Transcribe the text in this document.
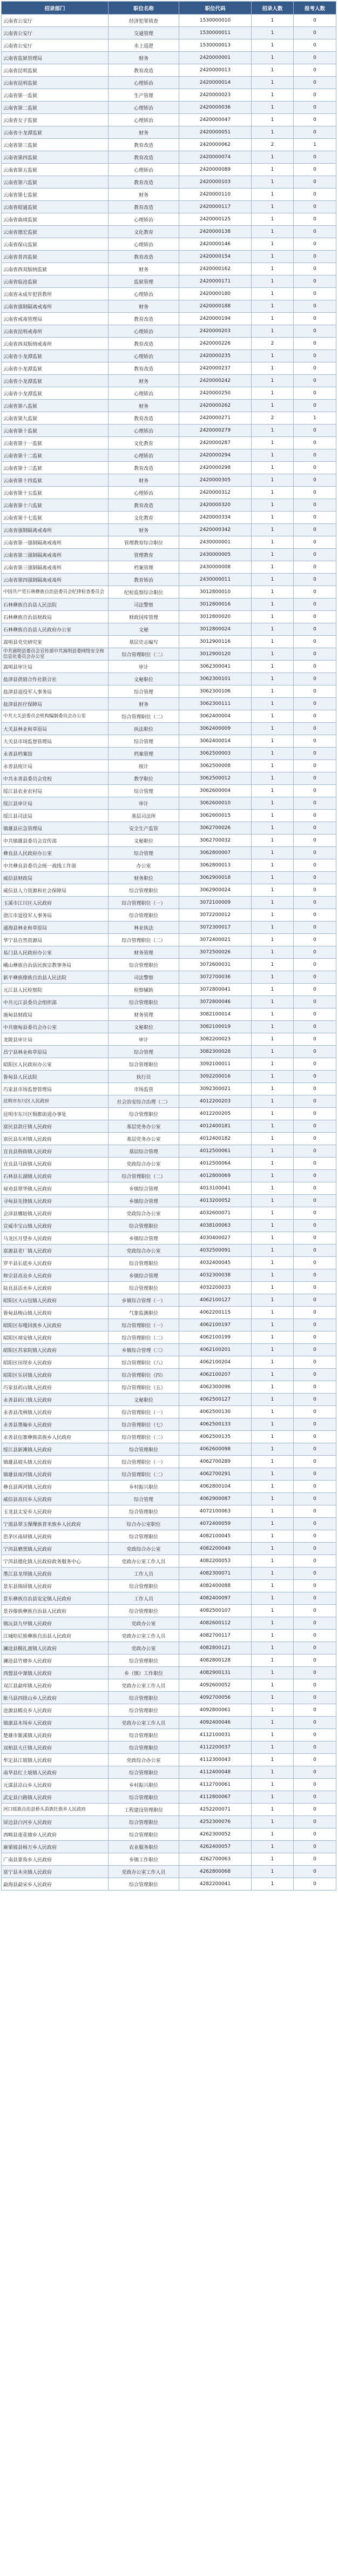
招录部门	职位名称	职位代码	招录人数	报考人数
云南省公安厅	经济犯罪侦查	1530000010	1	0
云南省公安厅	交通管理	1530000011	1	0
云南省公安厅	水上巡逻	1530000013	1	0
云南省监狱管理局	财务	2420000001	1	0
云南省昆明监狱	教育改造	2420000013	1	0
云南省昆明监狱	心理矫治	2420000014	1	0
云南省第一监狱	生产管理	2420000023	1	0
云南省第二监狱	心理矫治	2420000036	1	0
云南省女子监狱	心理矫治	2420000047	1	0
云南省小龙潭监狱	财务	2420000051	1	0
云南省第三监狱	教育改造	2420000062	2	1
云南省第四监狱	教育改造	2420000074	1	0
云南省第五监狱	心理矫治	2420000089	1	0
云南省第六监狱	教育改造	2420000103	1	0
云南省第七监狱	财务	2420000110	1	0
云南省昭通监狱	教育改造	2420000117	1	0
云南省曲靖监狱	心理矫治	2420000125	1	0
云南省德宏监狱	文化教育	2420000138	1	0
云南省保山监狱	心理矫治	2420000146	1	0
云南省普洱监狱	教育改造	2420000154	1	0
云南省西双版纳监狱	财务	2420000162	1	0
云南省临沧监狱	监狱管理	2420000171	1	0
云南省未成年犯管教所	心理矫治	2420000180	1	0
云南省强制隔离戒毒所	财务	2420000188	1	0
云南省戒毒管理局	教育改造	2420000194	1	0
云南省昆明戒毒所	心理矫治	2420000203	1	0
云南省西双版纳戒毒所	教育改造	2420000226	2	0
云南省小龙潭监狱	心理矫治	2420000235	1	0
云南省小龙潭监狱	教育改造	2420000237	1	0
云南省小龙潭监狱	财务	2420000242	1	0
云南省小龙潭监狱	心理矫治	2420000250	1	0
云南省第八监狱	财务	2420000262	1	0
云南省第九监狱	教育改造	2420000271	2	1
云南省第十监狱	心理矫治	2420000279	1	0
云南省第十一监狱	文化教育	2420000287	1	0
云南省第十二监狱	心理矫治	2420000294	1	0
云南省第十三监狱	教育改造	2420000298	1	0
云南省第十四监狱	财务	2420000305	1	0
云南省第十五监狱	心理矫治	2420000312	1	0
云南省第十六监狱	教育改造	2420000320	1	0
云南省第十七监狱	文化教育	2420000334	1	0
云南省强制隔离戒毒所	财务	2420000342	1	0
云南省第一强制隔离戒毒所	管理教育综合职位	2430000001	1	0
云南省第二强制隔离戒毒所	管理教育	2430000005	1	0
云南省第三强制隔离戒毒所	档案管理	2430000008	1	0
云南省第四强制隔离戒毒所	教育矫治	2430000011	1	0
中国共产党石林彝族自治县委员会纪律检查委员会	纪检监察综合职位	3012800010	1	0
石林彝族自治县人民法院	司法警察	3012800016	1	0
石林彝族自治县财政局	财政国库管理	3012800020	1	0
石林彝族自治县人民政府办公室	文秘	3012800024	1	0
嵩明县党史研究室	基层史志编写	3012900116	1	0
中共嵩明县委员会宣传部中共嵩明县委网络安全和信息化委员会办公室	综合管理职位（二）	3012900120	1	0
嵩明县审计局	审计	3062300041	1	0
盐津县供销合作社联合社	文秘职位	3062300101	1	0
盐津县退役军人事务局	综合管理	3062300106	1	0
盐津县医疗保障局	财务	3062300111	1	0
中共大关县委员会机构编制委员会办公室	综合管理职位（二）	3062400004	1	0
大关县林业和草原局	执法职位	3062400009	1	0
大关县市场监督管理局	综合管理	3062400014	1	0
永善县档案馆	档案管理	3062500003	1	0
永善县统计局	统计	3062500008	1	0
中共永善县委员会党校	教学职位	3062500012	1	0
绥江县农业农村局	综合管理	3062600004	1	0
绥江县审计局	审计	3062600010	1	0
绥江县司法局	基层司法所	3062600015	1	0
镇雄县应急管理局	安全生产监管	3062700026	1	0
中共镇雄县委员会宣传部	文秘职位	3062700032	1	0
彝良县人民政府办公室	综合管理	3062800007	1	0
中共彝良县委员会统一战线工作部	办公室	3062800013	1	0
威信县财政局	财务职位	3062900018	1	0
威信县人力资源和社会保障局	综合管理职位	3062900024	1	0
玉溪市江川区人民政府	综合管理职位（一）	3072100009	1	0
澄江市退役军人事务局	综合管理职位	3072200012	1	0
通海县林业和草原局	林业执法	3072300017	1	0
华宁县自然资源局	综合管理职位（二）	3072400021	1	0
易门县人民政府办公室	财务管理	3072500026	1	0
峨山彝族自治县民族宗教事务局	综合管理职位	3072600031	1	0
新平彝族傣族自治县人民法院	司法警察	3072700036	1	0
元江县人民检察院	检察辅助	3072800041	1	0
中共元江县委员会组织部	综合管理职位	3072800046	1	0
施甸县财政局	财务管理	3082100014	1	0
中共施甸县委员会办公室	文秘职位	3082100019	1	0
龙陵县审计局	审计	3082200023	1	0
昌宁县林业和草原局	综合管理	3082300028	1	0
昭阳区人民政府办公室	综合管理职位	3092100011	1	0
鲁甸县人民法院	执行员	3092200016	1	0
巧家县市场监督管理局	市场监管	3092300021	1	0
昆明市东川区人民政府	社会治安综合治理（二）	4012200203	1	0
昆明市东川区铜都街道办事处	综合管理职位	4012200205	1	0
富民县款庄镇人民政府	基层党务办公室	4012400181	1	0
富民县东村镇人民政府	基层党务办公室	4012400182	1	0
宜良县狗街镇人民政府	基层综合管理	4012500061	1	0
宜良县马街镇人民政府	党政综合办公室	4012500064	1	0
石林县长湖镇人民政府	综合管理职位（二）	4012800069	1	0
禄劝县翠华镇人民政府	乡镇综合管理	4013100041	1	0
寻甸县先锋镇人民政府	乡镇综合管理	4013200052	1	0
会泽县娜姑镇人民政府	党政综合办公室	4032600071	1	0
宣威市宝山镇人民政府	综合管理职位	4038100063	1	0
马龙区月望乡人民政府	乡镇综合管理	4030400027	1	0
富源县老厂镇人民政府	党政综合办公室	4032500091	1	0
罗平县长底乡人民政府	综合管理职位	4032400045	1	0
师宗县高良乡人民政府	乡镇综合管理	4032300038	1	0
陆良县活水乡人民政府	综合管理职位	4032200033	1	0
昭阳区大山包镇人民政府	乡镇综合管理（一）	4062100127	1	0
鲁甸县梭山镇人民政府	气象监测职位	4062200115	1	0
昭阳区布嘎回族乡人民政府	综合管理职位（一）	4062100197	1	0
昭阳区靖安镇人民政府	综合管理职位（二）	4062100199	1	0
昭阳区苏家院镇人民政府	乡镇综合管理（三）	4062100201	1	0
昭阳区田坝乡人民政府	综合管理职位（八）	4062100204	1	0
昭阳区乐居镇人民政府	综合管理职位（四）	4062100207	1	0
巧家县药山镇人民政府	综合管理职位（五）	4062300096	1	0
永善县码口镇人民政府	文秘职位	4062500127	1	0
永善县茂林镇人民政府	综合管理职位（一）	4062500130	1	0
永善县墨翰乡人民政府	综合管理职位（七）	4062500133	1	0
永善县伍寨彝族苗族乡人民政府	综合管理职位（二）	4062500135	1	0
绥江县新滩镇人民政府	综合管理职位	4062600098	1	0
镇雄县坡头镇人民政府	综合管理职位（一）	4062700289	1	0
镇雄县雨河镇人民政府	综合管理职位（二）	4062700291	1	0
彝良县两河镇人民政府	乡村振兴职位	4062800104	1	0
威信县高田乡人民政府	综合管理	4062900087	1	0
玉龙县太安乡人民政府	综合管理职位	4072100063	1	0
宁蒗县翠玉傈僳族普米族乡人民政府	综合办公室职位	4072400059	1	0
思茅区南屏镇人民政府	综合管理职位	4082100045	1	0
宁洱县磨黑镇人民政府	党政综合办公室	4082200049	1	0
宁洱县德化镇人民政府政务服务中心	党政办公室工作人员	4082200053	1	0
墨江县龙坝镇人民政府	工作人员	4082300071	1	0
景东县锦屏镇人民政府	综合管理职位	4082400088	1	0
景东彝族自治县安定镇人民政府	工作人员	4082400097	1	0
景谷傣族彝族自治县人民政府	综合管理职位	4082500107	1	0
镇沅县九甲镇人民政府	党政办公室	4082600112	1	0
江城哈尼族彝族自治县人民政府	党政办公室工作人员	4082700117	1	0
澜沧县糯扎渡镇人民政府	党政办公室	4082800121	1	0
澜沧县竹塘乡人民政府	综合管理职位	4082800128	1	0
西盟县中课镇人民政府	乡（镇）工作职位	4082900131	1	0
双江县勐库镇人民政府	党政办公室工作人员	4092600052	1	0
耿马县四排山乡人民政府	综合管理职位	4092700056	1	0
沧源县糯良乡人民政府	综合管理职位	4092800061	1	0
镇康县木场乡人民政府	党政办公室工作人员	4092400046	1	0
楚雄市紫溪镇人民政府	综合管理职位	4112100031	1	0
双柏县大庄镇人民政府	综合管理职位	4112200037	1	0
牟定县江坡镇人民政府	党政综合办公室	4112300043	1	0
南华县红土坡镇人民政府	综合管理职位	4112400048	1	0
元谋县凉山乡人民政府	乡村振兴职位	4112700061	1	0
武定县白路镇人民政府	综合管理职位	4112800067	1	0
河口瑶族自治县桥头苗族壮族乡人民政府	工程建设管理职位	4252200071	1	0
屏边县白河乡人民政府	综合管理职位	4252300076	1	0
西畴县莲花塘乡人民政府	综合管理职位	4262300052	1	0
麻栗坡县杨万乡人民政府	农业服务职位	4262400057	1	0
广南县篆角乡人民政府	乡镇工作职位	4262700063	1	0
富宁县木央镇人民政府	党政办公室工作人员	4262800068	1	0
勐海县勐宋乡人民政府	综合管理职位	4282200041	1	0
